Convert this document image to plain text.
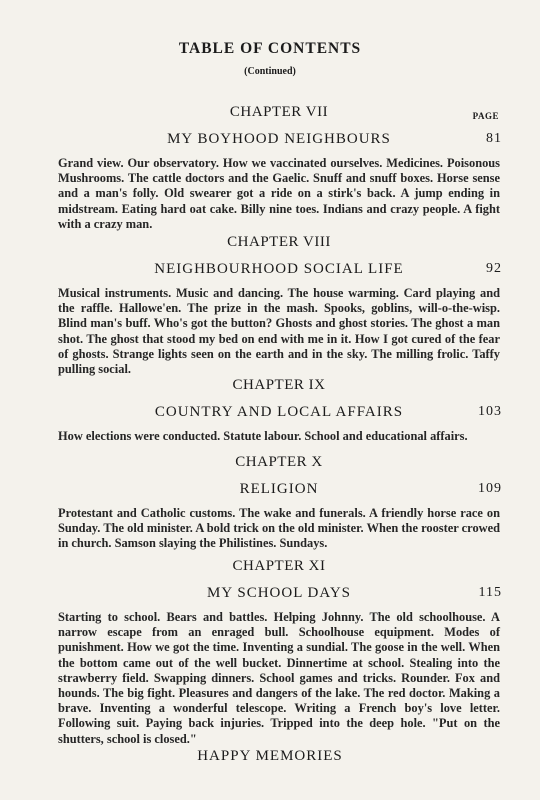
TABLE OF CONTENTS
(Continued)
PAGE
CHAPTER VII
MY BOYHOOD NEIGHBOURS	81
Grand view. Our observatory. How we vaccinated ourselves. Medicines. Poisonous Mushrooms. The cattle doctors and the Gaelic. Snuff and snuff boxes. Horse sense and a man's folly. Old swearer got a ride on a stirk's back. A jump ending in midstream. Eating hard oat cake. Billy nine toes. Indians and crazy people. A fight with a crazy man.
CHAPTER VIII
NEIGHBOURHOOD SOCIAL LIFE	92
Musical instruments. Music and dancing. The house warming. Card playing and the raffle. Hallowe'en. The prize in the mash. Spooks, goblins, will-o-the-wisp. Blind man's buff. Who's got the button? Ghosts and ghost stories. The ghost a man shot. The ghost that stood my bed on end with me in it. How I got cured of the fear of ghosts. Strange lights seen on the earth and in the sky. The milling frolic. Taffy pulling social.
CHAPTER IX
COUNTRY AND LOCAL AFFAIRS	103
How elections were conducted. Statute labour. School and educational affairs.
CHAPTER X
RELIGION	109
Protestant and Catholic customs. The wake and funerals. A friendly horse race on Sunday. The old minister. A bold trick on the old minister. When the rooster crowed in church. Samson slaying the Philistines. Sundays.
CHAPTER XI
MY SCHOOL DAYS	115
Starting to school. Bears and battles. Helping Johnny. The old schoolhouse. A narrow escape from an enraged bull. Schoolhouse equipment. Modes of punishment. How we got the time. Inventing a sundial. The goose in the well. When the bottom came out of the well bucket. Dinnertime at school. Stealing into the strawberry field. Swapping dinners. School games and tricks. Rounder. Fox and hounds. The big fight. Pleasures and dangers of the lake. The red doctor. Making a brave. Inventing a wonderful telescope. Writing a French boy's love letter. Following suit. Paying back injuries. Tripped into the deep hole. "Put on the shutters, school is closed."
HAPPY MEMORIES
